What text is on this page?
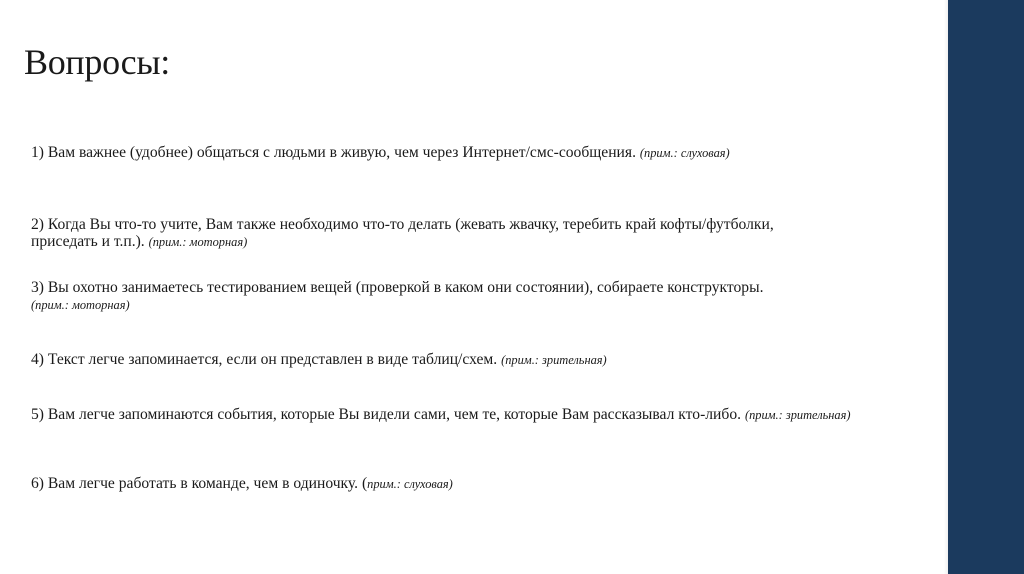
Вопросы:
1) Вам важнее (удобнее) общаться с людьми в живую, чем через Интернет/смс-сообщения. (прим.: слуховая)
2) Когда Вы что-то учите, Вам также необходимо что-то делать (жевать жвачку, теребить край кофты/футболки, приседать и т.п.). (прим.: моторная)
3) Вы охотно занимаетесь тестированием вещей (проверкой в каком они состоянии), собираете конструкторы. (прим.: моторная)
4) Текст легче запоминается, если он представлен в виде таблиц/схем. (прим.: зрительная)
5) Вам легче запоминаются события, которые Вы видели сами, чем те, которые Вам рассказывал кто-либо. (прим.: зрительная)
6) Вам легче работать в команде, чем в одиночку. (прим.: слуховая)
